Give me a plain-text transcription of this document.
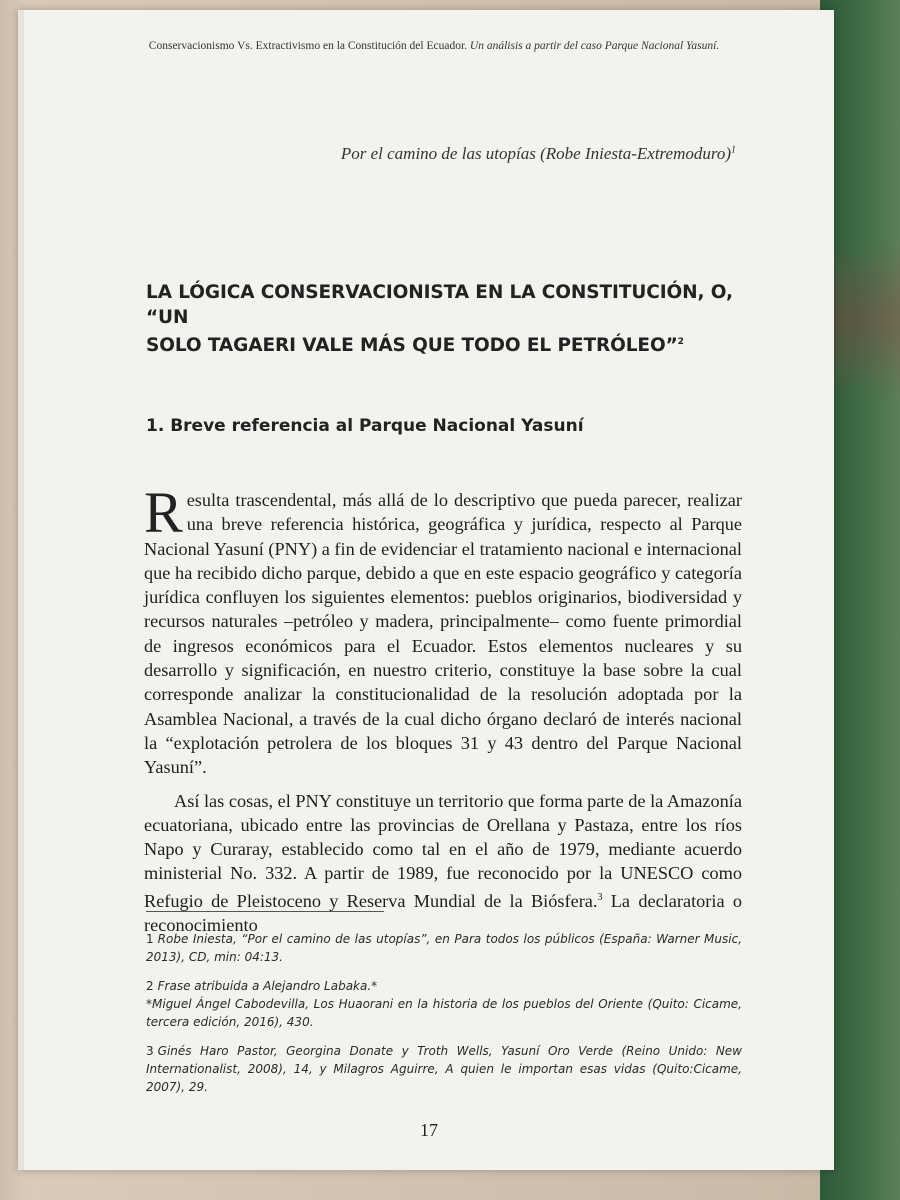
Conservacionismo Vs. Extractivismo en la Constitución del Ecuador. Un análisis a partir del caso Parque Nacional Yasuní.
Por el camino de las utopías (Robe Iniesta-Extremoduro)$^1$
LA LÓGICA CONSERVACIONISTA EN LA CONSTITUCIÓN, O, “UN
SOLO TAGAERI VALE MÁS QUE TODO EL PETRÓLEO”$^2$
1. Breve referencia al Parque Nacional Yasuní

Resulta trascendental, más allá de lo descriptivo que pueda parecer, realizar una breve referencia histórica, geográfica y jurídica, respecto al Parque Nacional Yasuní (PNY) a fin de evidenciar el tratamiento nacional e internacional que ha recibido dicho parque, debido a que en este espacio geográfico y categoría jurídica confluyen los siguientes elementos: pueblos originarios, biodiversidad y recursos naturales –petróleo y madera, principalmente– como fuente primordial de ingresos económicos para el Ecuador. Estos elementos nucleares y su desarrollo y significación, en nuestro criterio, constituye la base sobre la cual corresponde analizar la constitucionalidad de la resolución adoptada por la Asamblea Nacional, a través de la cual dicho órgano declaró de interés nacional la “explotación petrolera de los bloques 31 y 43 dentro del Parque Nacional Yasuní”.

Así las cosas, el PNY constituye un territorio que forma parte de la Amazonía ecuatoriana, ubicado entre las provincias de Orellana y Pastaza, entre los ríos Napo y Curaray, establecido como tal en el año de 1979, mediante acuerdo ministerial No. 332. A partir de 1989, fue reconocido por la UNESCO como Refugio de Pleistoceno y Reserva Mundial de la Biósfera.$^3$ La declaratoria o reconocimiento

1 Robe Iniesta, “Por el camino de las utopías”, en Para todos los públicos (España: Warner Music, 2013), CD, min: 04:13.
2 Frase atribuida a Alejandro Labaka.*
*Miguel Ángel Cabodevilla, Los Huaorani en la historia de los pueblos del Oriente (Quito: Cicame, tercera edición, 2016), 430.
3 Ginés Haro Pastor, Georgina Donate y Troth Wells, Yasuní Oro Verde (Reino Unido: New Internationalist, 2008), 14, y Milagros Aguirre, A quien le importan esas vidas (Quito:Cicame, 2007), 29.
17
